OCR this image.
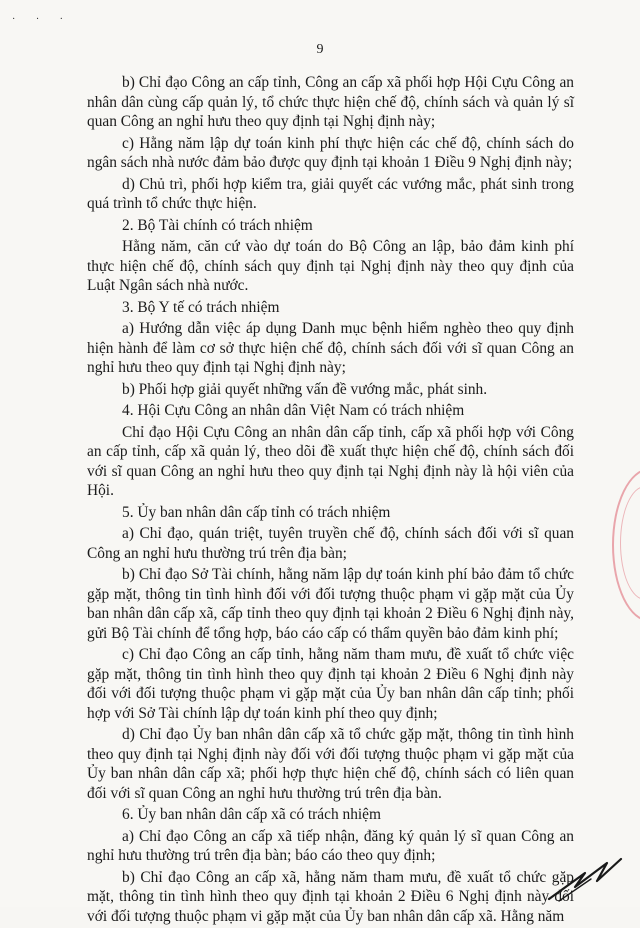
· · ·
9

b) Chỉ đạo Công an cấp tỉnh, Công an cấp xã phối hợp Hội Cựu Công an nhân dân cùng cấp quản lý, tổ chức thực hiện chế độ, chính sách và quản lý sĩ quan Công an nghỉ hưu theo quy định tại Nghị định này;

c) Hằng năm lập dự toán kinh phí thực hiện các chế độ, chính sách do ngân sách nhà nước đảm bảo được quy định tại khoản 1 Điều 9 Nghị định này;

d) Chủ trì, phối hợp kiểm tra, giải quyết các vướng mắc, phát sinh trong quá trình tổ chức thực hiện.

2. Bộ Tài chính có trách nhiệm

Hằng năm, căn cứ vào dự toán do Bộ Công an lập, bảo đảm kinh phí thực hiện chế độ, chính sách quy định tại Nghị định này theo quy định của Luật Ngân sách nhà nước.

3. Bộ Y tế có trách nhiệm

a) Hướng dẫn việc áp dụng Danh mục bệnh hiểm nghèo theo quy định hiện hành để làm cơ sở thực hiện chế độ, chính sách đối với sĩ quan Công an nghỉ hưu theo quy định tại Nghị định này;

b) Phối hợp giải quyết những vấn đề vướng mắc, phát sinh.

4. Hội Cựu Công an nhân dân Việt Nam có trách nhiệm

Chỉ đạo Hội Cựu Công an nhân dân cấp tỉnh, cấp xã phối hợp với Công an cấp tỉnh, cấp xã quản lý, theo dõi đề xuất thực hiện chế độ, chính sách đối với sĩ quan Công an nghỉ hưu theo quy định tại Nghị định này là hội viên của Hội.

5. Ủy ban nhân dân cấp tỉnh có trách nhiệm

a) Chỉ đạo, quán triệt, tuyên truyền chế độ, chính sách đối với sĩ quan Công an nghỉ hưu thường trú trên địa bàn;

b) Chỉ đạo Sở Tài chính, hằng năm lập dự toán kinh phí bảo đảm tổ chức gặp mặt, thông tin tình hình đối với đối tượng thuộc phạm vi gặp mặt của Ủy ban nhân dân cấp xã, cấp tỉnh theo quy định tại khoản 2 Điều 6 Nghị định này, gửi Bộ Tài chính để tổng hợp, báo cáo cấp có thẩm quyền bảo đảm kinh phí;

c) Chỉ đạo Công an cấp tỉnh, hằng năm tham mưu, đề xuất tổ chức việc gặp mặt, thông tin tình hình theo quy định tại khoản 2 Điều 6 Nghị định này đối với đối tượng thuộc phạm vi gặp mặt của Ủy ban nhân dân cấp tỉnh; phối hợp với Sở Tài chính lập dự toán kinh phí theo quy định;

d) Chỉ đạo Ủy ban nhân dân cấp xã tổ chức gặp mặt, thông tin tình hình theo quy định tại Nghị định này đối với đối tượng thuộc phạm vi gặp mặt của Ủy ban nhân dân cấp xã; phối hợp thực hiện chế độ, chính sách có liên quan đối với sĩ quan Công an nghỉ hưu thường trú trên địa bàn.

6. Ủy ban nhân dân cấp xã có trách nhiệm

a) Chỉ đạo Công an cấp xã tiếp nhận, đăng ký quản lý sĩ quan Công an nghỉ hưu thường trú trên địa bàn; báo cáo theo quy định;

b) Chỉ đạo Công an cấp xã, hằng năm tham mưu, đề xuất tổ chức gặp mặt, thông tin tình hình theo quy định tại khoản 2 Điều 6 Nghị định này đối với đối tượng thuộc phạm vi gặp mặt của Ủy ban nhân dân cấp xã. Hằng năm
